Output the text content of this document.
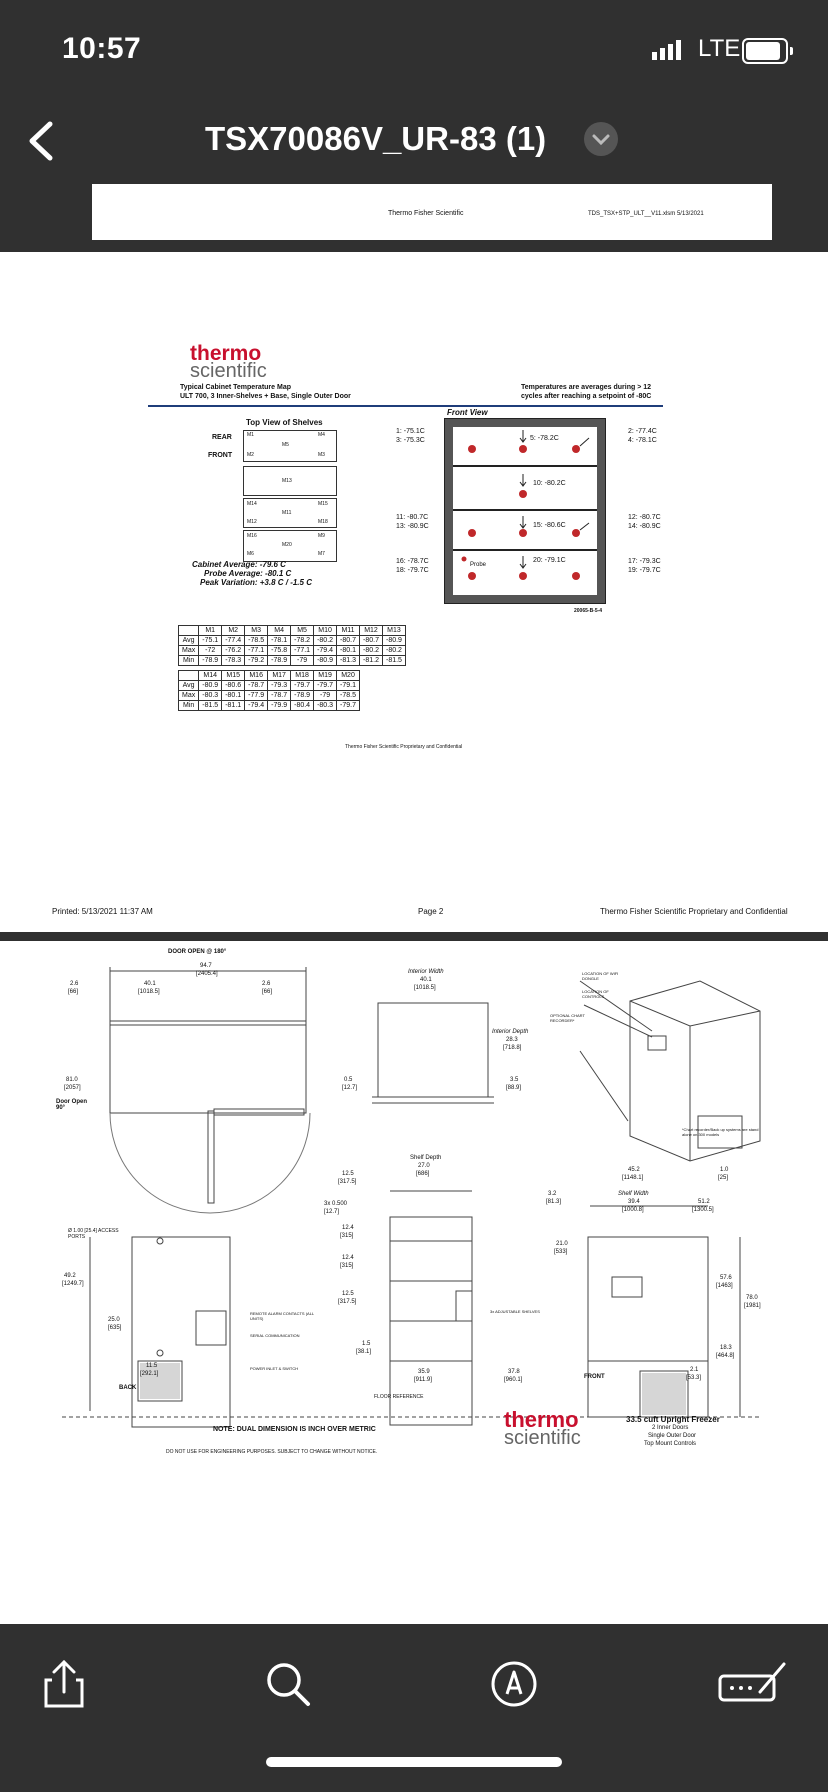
10:57	LTE
TSX70086V_UR-83 (1)
Thermo Fisher Scientific	TDS_TSX+STP_ULT__V11.xlsm 5/13/2021
thermo
scientific
Typical Cabinet Temperature Map
ULT 700, 3 Inner-Shelves + Base, Single Outer Door
Temperatures are averages during > 12
cycles after reaching a setpoint of -80C
Top View of Shelves
REAR
FRONT
M1	M4
M5
M2	M3
M13
M14	M15
M11
M12	M18
M16
M20
M6	M7
M9
Front View
1: -75.1C
3: -75.3C
2: -77.4C
4: -78.1C
5: -78.2C
10: -80.2C
11: -80.7C
13: -80.9C	15: -80.6C
12: -80.7C
14: -80.9C
20: -79.1C
Probe
16: -78.7C
18: -79.7C
17: -79.3C
19: -79.7C
20065-B-5-4
Cabinet Average: -79.6 C
Probe Average: -80.1 C
Peak Variation: +3.8 C / -1.5 C
	M1	M2	M3	M4	M5	M10	M11	M12	M13
Avg	-75.1	-77.4	-78.5	-78.1	-78.2	-80.2	-80.7	-80.7	-80.9
Max	-72	-76.2	-77.1	-75.8	-77.1	-79.4	-80.1	-80.2	-80.2
Min	-78.9	-78.3	-79.2	-78.9	-79	-80.9	-81.3	-81.2	-81.5
	M14	M15	M16	M17	M18	M19	M20
Avg	-80.9	-80.6	-78.7	-79.3	-79.7	-79.7	-79.1
Max	-80.3	-80.1	-77.9	-78.7	-78.9	-79	-78.5
Min	-81.5	-81.1	-79.4	-79.9	-80.4	-80.3	-79.7
Thermo Fisher Scientific Proprietary and Confidential
Printed: 5/13/2021 11:37 AM	Page 2	Thermo Fisher Scientific Proprietary and Confidential
DOOR OPEN @ 180°
94.7
[2405.4]
40.1
[1018.5]
2.6
[66]
2.6
[66]
81.0
[2057]
Door Open 90°
Interior Width
40.1
[1018.5]
Interior Depth
28.3
[718.8]
0.5
[12.7]
3.5
[88.9]
LOCATION OF WIFI DONGLE
LOCATION OF CONTROLS
OPTIONAL CHART RECORDER*
*Chart recorder/Back up systems are stand alone on 300 models
Ø 1.00 [25.4] ACCESS PORTS
49.2
[1249.7]
25.0
[635]
11.5
[292.1]
BACK
REMOTE ALARM CONTACTS (ALL UNITS)
SERIAL COMMUNICATION
POWER INLET & SWITCH
Shelf Depth
27.0
[686]
12.5
[317.5]
3x 0.500
[12.7]
12.4
[315]
12.4
[315]
12.5
[317.5]
1.5
[38.1]
3x ADJUSTABLE SHELVES
35.9
[911.9]
FLOOR REFERENCE
37.8
[960.1]
45.2
[1148.1]
1.0
[25]
3.2
[81.3]
Shelf Width
39.4
[1000.8]
51.2
[1300.5]
21.0
[533]
57.6
[1463]
78.0
[1981]
18.3
[464.8]
2.1
[53.3]
FRONT
NOTE: DUAL DIMENSION IS INCH OVER METRIC
DO NOT USE FOR ENGINEERING PURPOSES. SUBJECT TO CHANGE WITHOUT NOTICE.
thermo
scientific
33.5 cuft Upright Freezer
2 Inner Doors
Single Outer Door
Top Mount Controls
